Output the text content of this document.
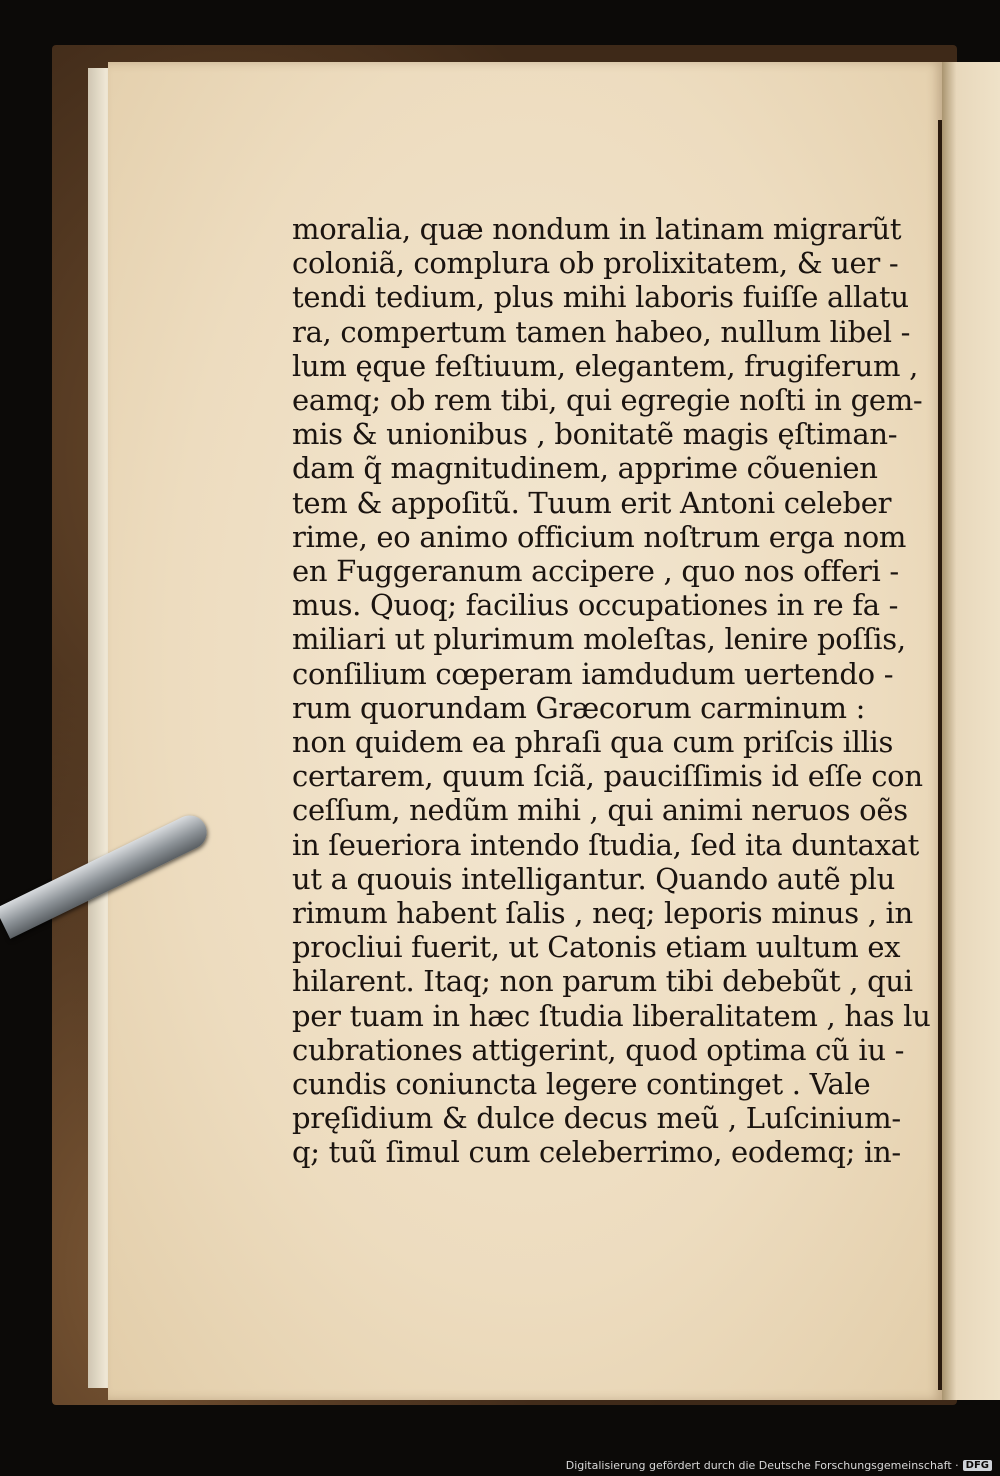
moralia, quæ nondum in latinam migrarũt
coloniã, complura ob prolixitatem, & uer -
tendi tedium, plus mihi laboris fuiſſe allatu
ra, compertum tamen habeo, nullum libel -
lum ęque feſtiuum, elegantem, frugiferum ,
eamq; ob rem tibi, qui egregie noſti in gem-
mis & unionibus , bonitatẽ magis ęſtiman-
dam q̃ magnitudinem, apprime cõuenien
tem & appoſitũ. Tuum erit Antoni celeber
rime, eo animo officium noſtrum erga nom
en Fuggeranum accipere , quo nos offeri -
mus. Quoq; facilius occupationes in re fa -
miliari ut plurimum moleſtas, lenire poſſis,
conſilium cœperam iamdudum uertendo -
rum quorundam Græcorum carminum :
non quidem ea phraſi qua cum priſcis illis
certarem, quum ſciã, pauciſſimis id eſſe con
ceſſum, nedũm mihi , qui animi neruos oẽs
in ſeueriora intendo ſtudia, ſed ita duntaxat
ut a quouis intelligantur. Quando autẽ plu
rimum habent ſalis , neq; leporis minus , in
procliui fuerit, ut Catonis etiam uultum ex
hilarent. Itaq; non parum tibi debebũt , qui
per tuam in hæc ſtudia liberalitatem , has lu
cubrationes attigerint, quod optima cũ iu -
cundis coniuncta legere continget . Vale
pręſidium & dulce decus meũ , Luſcinium-
q; tuũ ſimul cum celeberrimo, eodemq; in-
Digitalisierung gefördert durch die Deutsche Forschungsgemeinschaft · DFG
